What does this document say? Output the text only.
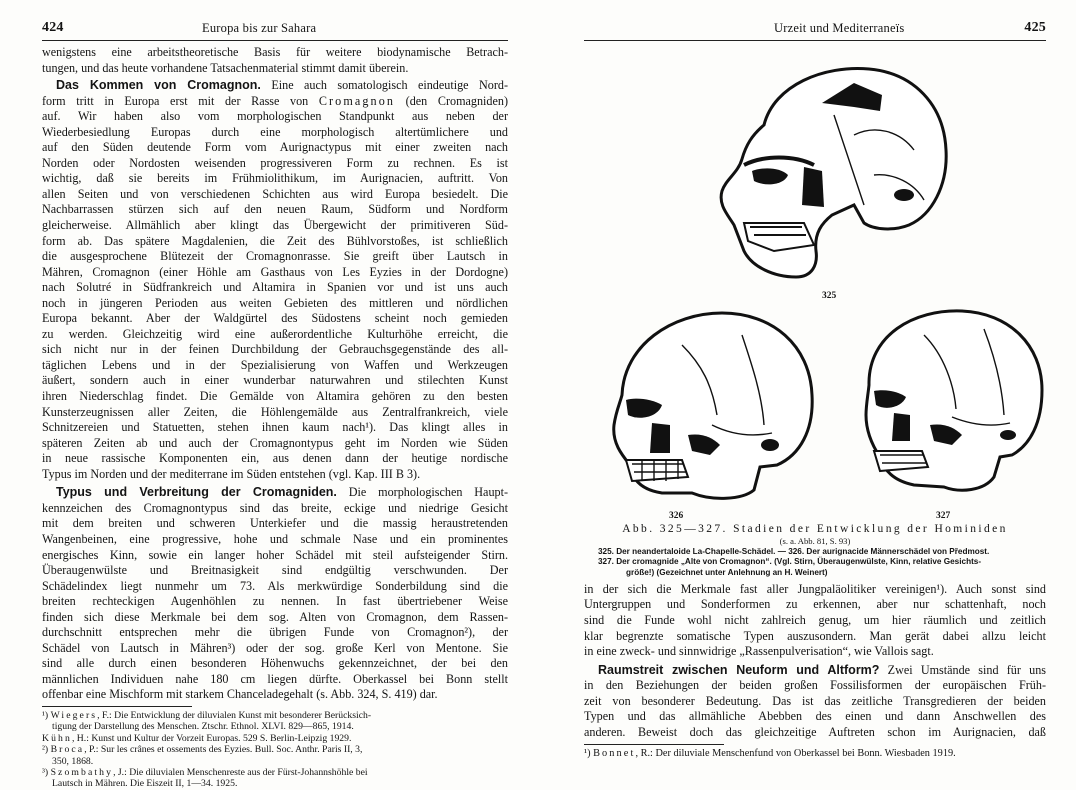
424	Europa bis zur Sahara
wenigstens eine arbeitstheoretische Basis für weitere biodynamische Betrach-
tungen, und das heute vorhandene Tatsachenmaterial stimmt damit überein.
Das Kommen von Cromagnon. Eine auch somatologisch eindeutige Nord-
form tritt in Europa erst mit der Rasse von Cromagnon (den Cromagniden)
auf. Wir haben also vom morphologischen Standpunkt aus neben der
Wiederbesiedlung Europas durch eine morphologisch altertümlichere und
auf den Süden deutende Form vom Aurignactypus mit einer zweiten nach
Norden oder Nordosten weisenden progressiveren Form zu rechnen. Es ist
wichtig, daß sie bereits im Frühmiolithikum, im Aurignacien, auftritt. Von
allen Seiten und von verschiedenen Schichten aus wird Europa besiedelt. Die
Nachbarrassen stürzen sich auf den neuen Raum, Südform und Nordform
gleicherweise. Allmählich aber klingt das Übergewicht der primitiveren Süd-
form ab. Das spätere Magdalenien, die Zeit des Bühlvorstoßes, ist schließlich
die ausgesprochene Blütezeit der Cromagnonrasse. Sie greift über Lautsch in
Mähren, Cromagnon (einer Höhle am Gasthaus von Les Eyzies in der Dordogne)
nach Solutré in Südfrankreich und Altamira in Spanien vor und ist uns auch
noch in jüngeren Perioden aus weiten Gebieten des mittleren und nördlichen
Europa bekannt. Aber der Waldgürtel des Südostens scheint noch gemieden
zu werden. Gleichzeitig wird eine außerordentliche Kulturhöhe erreicht, die
sich nicht nur in der feinen Durchbildung der Gebrauchsgegenstände des all-
täglichen Lebens und in der Spezialisierung von Waffen und Werkzeugen
äußert, sondern auch in einer wunderbar naturwahren und stilechten Kunst
ihren Niederschlag findet. Die Gemälde von Altamira gehören zu den besten
Kunsterzeugnissen aller Zeiten, die Höhlengemälde aus Zentralfrankreich, viele
Schnitzereien und Statuetten, stehen ihnen kaum nach¹). Das klingt alles in
späteren Zeiten ab und auch der Cromagnontypus geht im Norden wie Süden
in neue rassische Komponenten ein, aus denen dann der heutige nordische
Typus im Norden und der mediterrane im Süden entstehen (vgl. Kap. III B 3).
Typus und Verbreitung der Cromagniden. Die morphologischen Haupt-
kennzeichen des Cromagnontypus sind das breite, eckige und niedrige Gesicht
mit dem breiten und schweren Unterkiefer und die massig heraustretenden
Wangenbeinen, eine progressive, hohe und schmale Nase und ein prominentes
energisches Kinn, sowie ein langer hoher Schädel mit steil aufsteigender Stirn.
Überaugenwülste und Breitnasigkeit sind endgültig verschwunden. Der
Schädelindex liegt nunmehr um 73. Als merkwürdige Sonderbildung sind die
breiten rechteckigen Augenhöhlen zu nennen. In fast übertriebener Weise
finden sich diese Merkmale bei dem sog. Alten von Cromagnon, dem Rassen-
durchschnitt entsprechen mehr die übrigen Funde von Cromagnon²), der
Schädel von Lautsch in Mähren³) oder der sog. große Kerl von Mentone. Sie
sind alle durch einen besonderen Höhenwuchs gekennzeichnet, der bei den
männlichen Individuen nahe 180 cm liegen dürfte. Oberkassel bei Bonn stellt
offenbar eine Mischform mit starkem Chanceladegehalt (s. Abb. 324, S. 419) dar.

¹) Wiegers, F.: Die Entwicklung der diluvialen Kunst mit besonderer Berücksich-

tigung der Darstellung des Menschen. Ztschr. Ethnol. XLVI. 829—865, 1914.

Kühn, H.: Kunst und Kultur der Vorzeit Europas. 529 S. Berlin-Leipzig 1929.

²) Broca, P.: Sur les crânes et ossements des Eyzies. Bull. Soc. Anthr. Paris II, 3,

350, 1868.

³) Szombathy, J.: Die diluvialen Menschenreste aus der Fürst-Johannshöhle bei

Lautsch in Mähren. Die Eiszeit II, 1—34. 1925.

Urzeit und Mediterraneïs	425
325
326	327
Abb. 325—327. Stadien der Entwicklung der Hominiden
(s. a. Abb. 81, S. 93)

325. Der neandertaloide La-Chapelle-Schädel. — 326. Der aurignacide Männerschädel von Předmost.

327. Der cromagnide „Alte von Cromagnon“. (Vgl. Stirn, Überaugenwülste, Kinn, relative Gesichts-

größe!) (Gezeichnet unter Anlehnung an H. Weinert)

in der sich die Merkmale fast aller Jungpaläolitiker vereinigen¹). Auch sonst sind
Untergruppen und Sonderformen zu erkennen, aber nur schattenhaft, noch
sind die Funde wohl nicht zahlreich genug, um hier räumlich und zeitlich
klar begrenzte somatische Typen auszusondern. Man gerät dabei allzu leicht
in eine zweck- und sinnwidrige „Rassenpulverisation“, wie Vallois sagt.
Raumstreit zwischen Neuform und Altform? Zwei Umstände sind für uns
in den Beziehungen der beiden großen Fossilisformen der europäischen Früh-
zeit von besonderer Bedeutung. Das ist das zeitliche Transgredieren der beiden
Typen und das allmähliche Abebben des einen und dann Anschwellen des
anderen. Beweist doch das gleichzeitige Auftreten schon im Aurignacien, daß

¹) Bonnet, R.: Der diluviale Menschenfund von Oberkassel bei Bonn. Wiesbaden 1919.
